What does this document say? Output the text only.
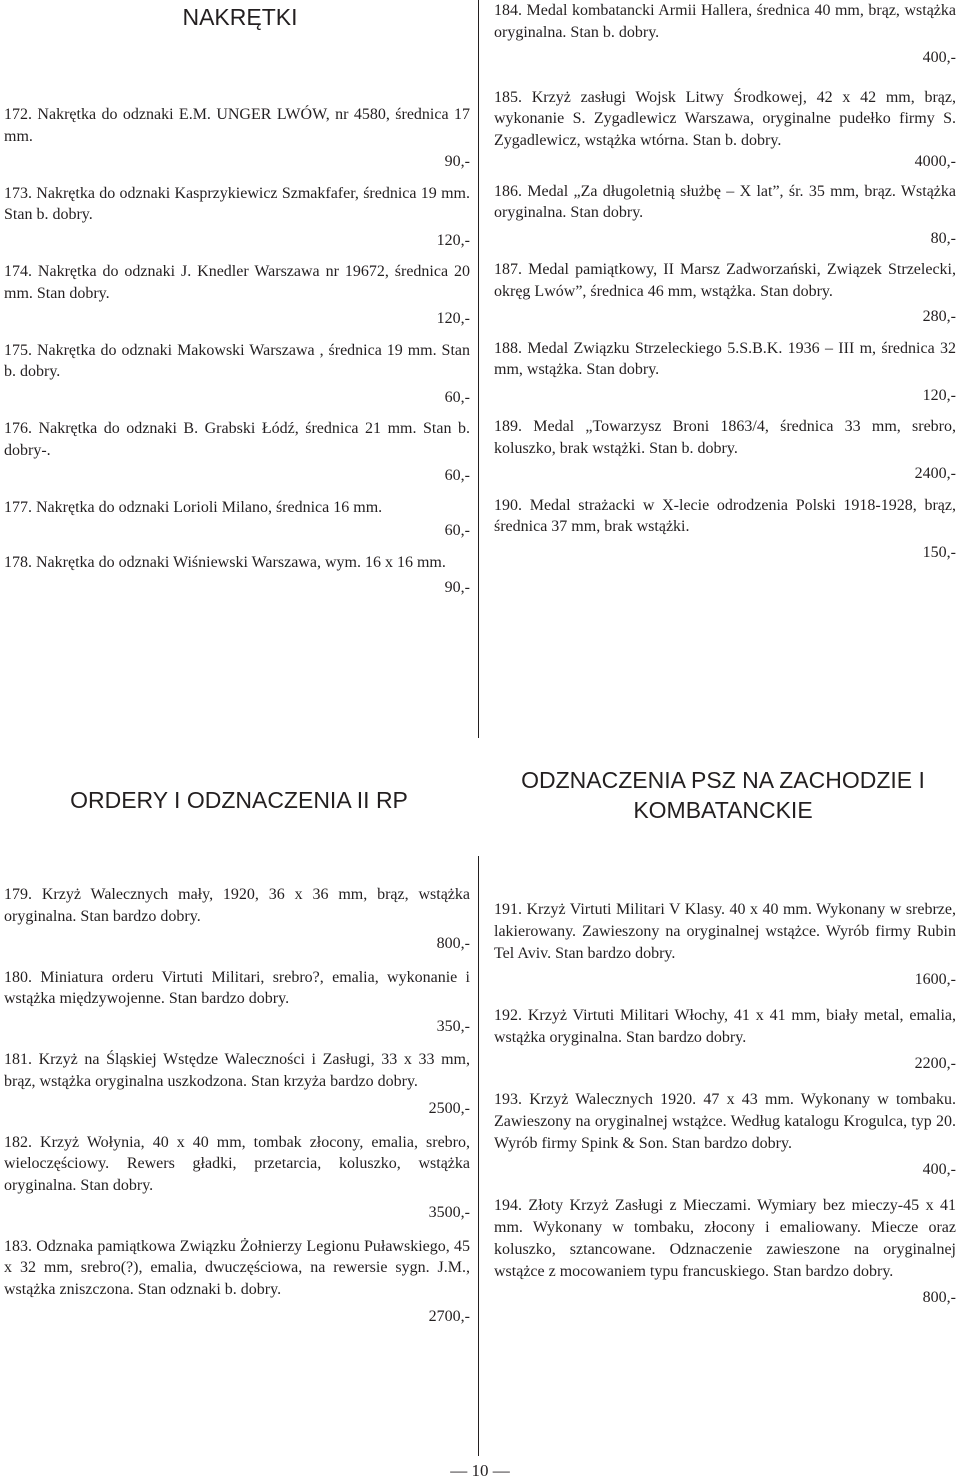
NAKRĘTKI
ORDERY I ODZNACZENIA II RP
ODZNACZENIA PSZ NA ZACHODZIE I KOMBATANCKIE
172. Nakrętka do odznaki E.M. UNGER LWÓW, nr 4580, średnica 17 mm.
90,-
173. Nakrętka do odznaki Kasprzykiewicz Szmakfafer, średnica 19 mm. Stan b. dobry.
120,-
174. Nakrętka do odznaki J. Knedler Warszawa nr 19672, średnica 20 mm. Stan dobry.
120,-
175. Nakrętka do odznaki Makowski Warszawa , średnica 19 mm. Stan b. dobry.
60,-
176. Nakrętka do odznaki B. Grabski Łódź, średnica 21 mm. Stan b. dobry-.
60,-
177. Nakrętka do odznaki Lorioli Milano, średnica 16 mm.
60,-
178. Nakrętka do odznaki Wiśniewski Warszawa, wym. 16 x 16 mm.
90,-
179. Krzyż Walecznych mały, 1920, 36 x 36 mm, brąz, wstążka oryginalna. Stan bardzo dobry.
800,-
180. Miniatura orderu Virtuti Militari, srebro?, emalia, wykonanie i wstążka międzywojenne. Stan bardzo dobry.
350,-
181. Krzyż na Śląskiej Wstędze Waleczności i Zasługi, 33 x 33 mm, brąz, wstążka oryginalna uszkodzona. Stan krzyża bardzo dobry.
2500,-
182. Krzyż Wołynia, 40 x 40 mm, tombak złocony, emalia, srebro, wieloczęściowy. Rewers gładki, przetarcia, koluszko, wstążka oryginalna. Stan dobry.
3500,-
183. Odznaka pamiątkowa Związku Żołnierzy Legionu Puławskiego, 45 x 32 mm, srebro(?), emalia, dwuczęściowa, na rewersie sygn. J.M., wstążka zniszczona. Stan odznaki b. dobry.
2700,-
184. Medal kombatancki Armii Hallera, średnica 40 mm, brąz, wstążka oryginalna. Stan b. dobry.
400,-
185. Krzyż zasługi Wojsk Litwy Środkowej, 42 x 42 mm, brąz, wykonanie S. Zygadlewicz Warszawa, oryginalne pudełko firmy S. Zygadlewicz, wstążka wtórna. Stan b. dobry.
4000,-
186. Medal „Za długoletnią służbę – X lat”, śr. 35 mm, brąz. Wstążka oryginalna. Stan dobry.
80,-
187. Medal pamiątkowy, II Marsz Zadworzański, Związek Strzelecki, okręg Lwów”, średnica 46 mm, wstążka. Stan dobry.
280,-
188. Medal Związku Strzeleckiego 5.S.B.K. 1936 – III m, średnica 32 mm, wstążka. Stan dobry.
120,-
189. Medal „Towarzysz Broni 1863/4, średnica 33 mm, srebro, koluszko, brak wstążki. Stan b. dobry.
2400,-
190. Medal strażacki w X-lecie odrodzenia Polski 1918-1928, brąz, średnica 37 mm, brak wstążki.
150,-
191. Krzyż Virtuti Militari V Klasy. 40 x 40 mm. Wykonany w srebrze, lakierowany. Zawieszony na oryginalnej wstążce. Wyrób firmy Rubin Tel Aviv. Stan bardzo dobry.
1600,-
192. Krzyż Virtuti Militari Włochy, 41 x 41 mm, biały metal, emalia, wstążka oryginalna. Stan bardzo dobry.
2200,-
193. Krzyż Walecznych 1920. 47 x 43 mm. Wykonany w tombaku. Zawieszony na oryginalnej wstążce. Według katalogu Krogulca, typ 20. Wyrób firmy Spink & Son. Stan bardzo dobry.
400,-
194. Złoty Krzyż Zasługi z Mieczami. Wymiary bez mieczy-45 x 41 mm. Wykonany w tombaku, złocony i emaliowany. Miecze oraz koluszko, sztancowane. Odznaczenie zawieszone na oryginalnej wstążce z mocowaniem typu francuskiego. Stan bardzo dobry.
800,-
— 10 —
